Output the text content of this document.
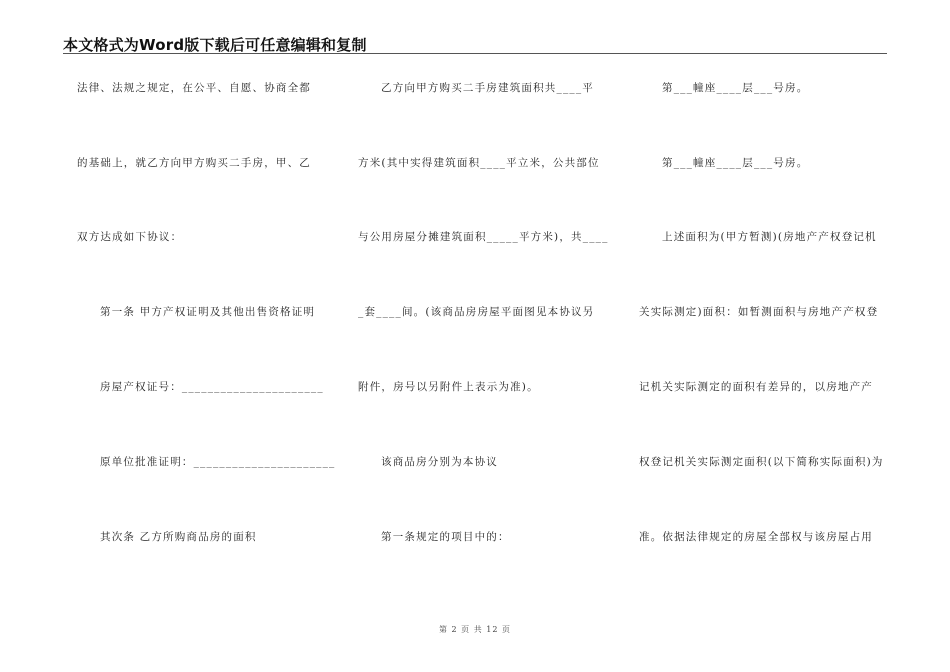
本文格式为Word版下载后可任意编辑和复制
法律、法规之规定，在公平、自愿、协商全都
的基础上，就乙方向甲方购买二手房，甲、乙
双方达成如下协议：
第一条 甲方产权证明及其他出售资格证明
房屋产权证号：______________________
原单位批准证明：______________________
其次条 乙方所购商品房的面积
乙方向甲方购买二手房建筑面积共____平
方米(其中实得建筑面积____平立米，公共部位
与公用房屋分摊建筑面积_____平方米)，共____
_套____间。(该商品房房屋平面图见本协议另
附件，房号以另附件上表示为准)。
该商品房分别为本协议
第一条规定的项目中的：
第___幢座____层___号房。
第___幢座____层___号房。
上述面积为(甲方暂测)(房地产产权登记机
关实际测定)面积：如暂测面积与房地产产权登
记机关实际测定的面积有差异的，以房地产产
权登记机关实际测定面积(以下简称实际面积)为
准。依据法律规定的房屋全部权与该房屋占用
第 2 页 共 12 页
